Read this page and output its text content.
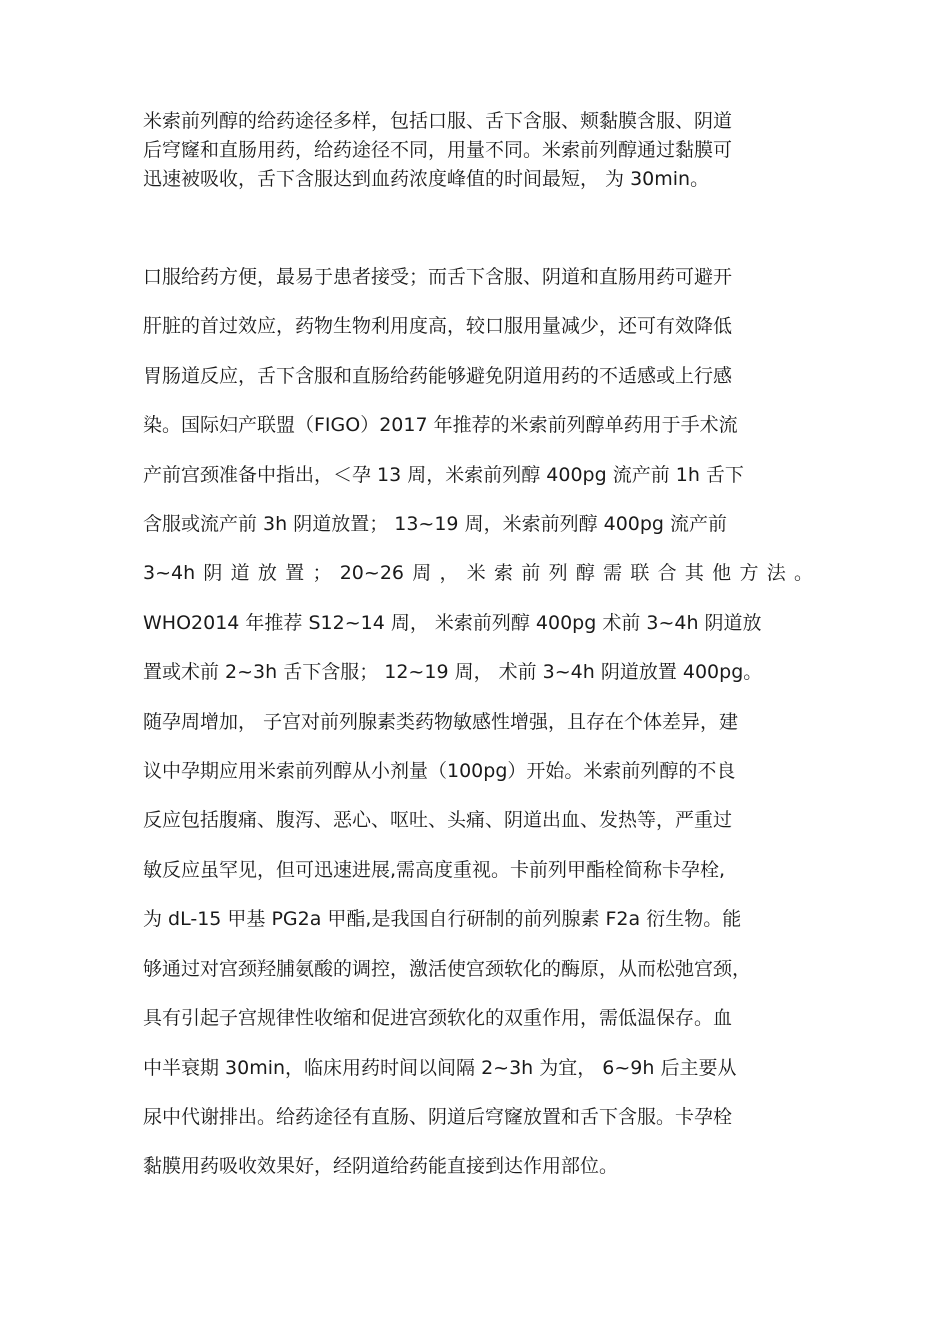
米索前列醇的给药途径多样，包括口服、舌下含服、颊黏膜含服、阴道
后穹窿和直肠用药，给药途径不同，用量不同。米索前列醇通过黏膜可
迅速被吸收，舌下含服达到血药浓度峰值的时间最短， 为 30min。

口服给药方便，最易于患者接受；而舌下含服、阴道和直肠用药可避开
肝脏的首过效应，药物生物利用度高，较口服用量减少，还可有效降低
胃肠道反应，舌下含服和直肠给药能够避免阴道用药的不适感或上行感
染。国际妇产联盟（FIGO）2017 年推荐的米索前列醇单药用于手术流
产前宫颈准备中指出，＜孕 13 周，米索前列醇 400pg 流产前 1h 舌下
含服或流产前 3h 阴道放置； 13~19 周，米索前列醇 400pg 流产前
3~4h 阴 道 放 置 ； 20~26 周 ， 米 索 前 列 醇 需 联 合 其 他 方 法 。
WHO2014 年推荐 S12~14 周， 米索前列醇 400pg 术前 3~4h 阴道放
置或术前 2~3h 舌下含服； 12~19 周， 术前 3~4h 阴道放置 400pg。
随孕周增加， 子宫对前列腺素类药物敏感性增强，且存在个体差异，建
议中孕期应用米索前列醇从小剂量（100pg）开始。米索前列醇的不良
反应包括腹痛、腹泻、恶心、呕吐、头痛、阴道出血、发热等，严重过
敏反应虽罕见，但可迅速进展,需高度重视。卡前列甲酯栓简称卡孕栓,
为 dL-15 甲基 PG2a 甲酯,是我国自行研制的前列腺素 F2a 衍生物。能
够通过对宫颈羟脯氨酸的调控，激活使宫颈软化的酶原，从而松弛宫颈，
具有引起子宫规律性收缩和促进宫颈软化的双重作用，需低温保存。血
中半衰期 30min，临床用药时间以间隔 2~3h 为宜， 6~9h 后主要从
尿中代谢排出。给药途径有直肠、阴道后穹窿放置和舌下含服。卡孕栓
黏膜用药吸收效果好，经阴道给药能直接到达作用部位。
